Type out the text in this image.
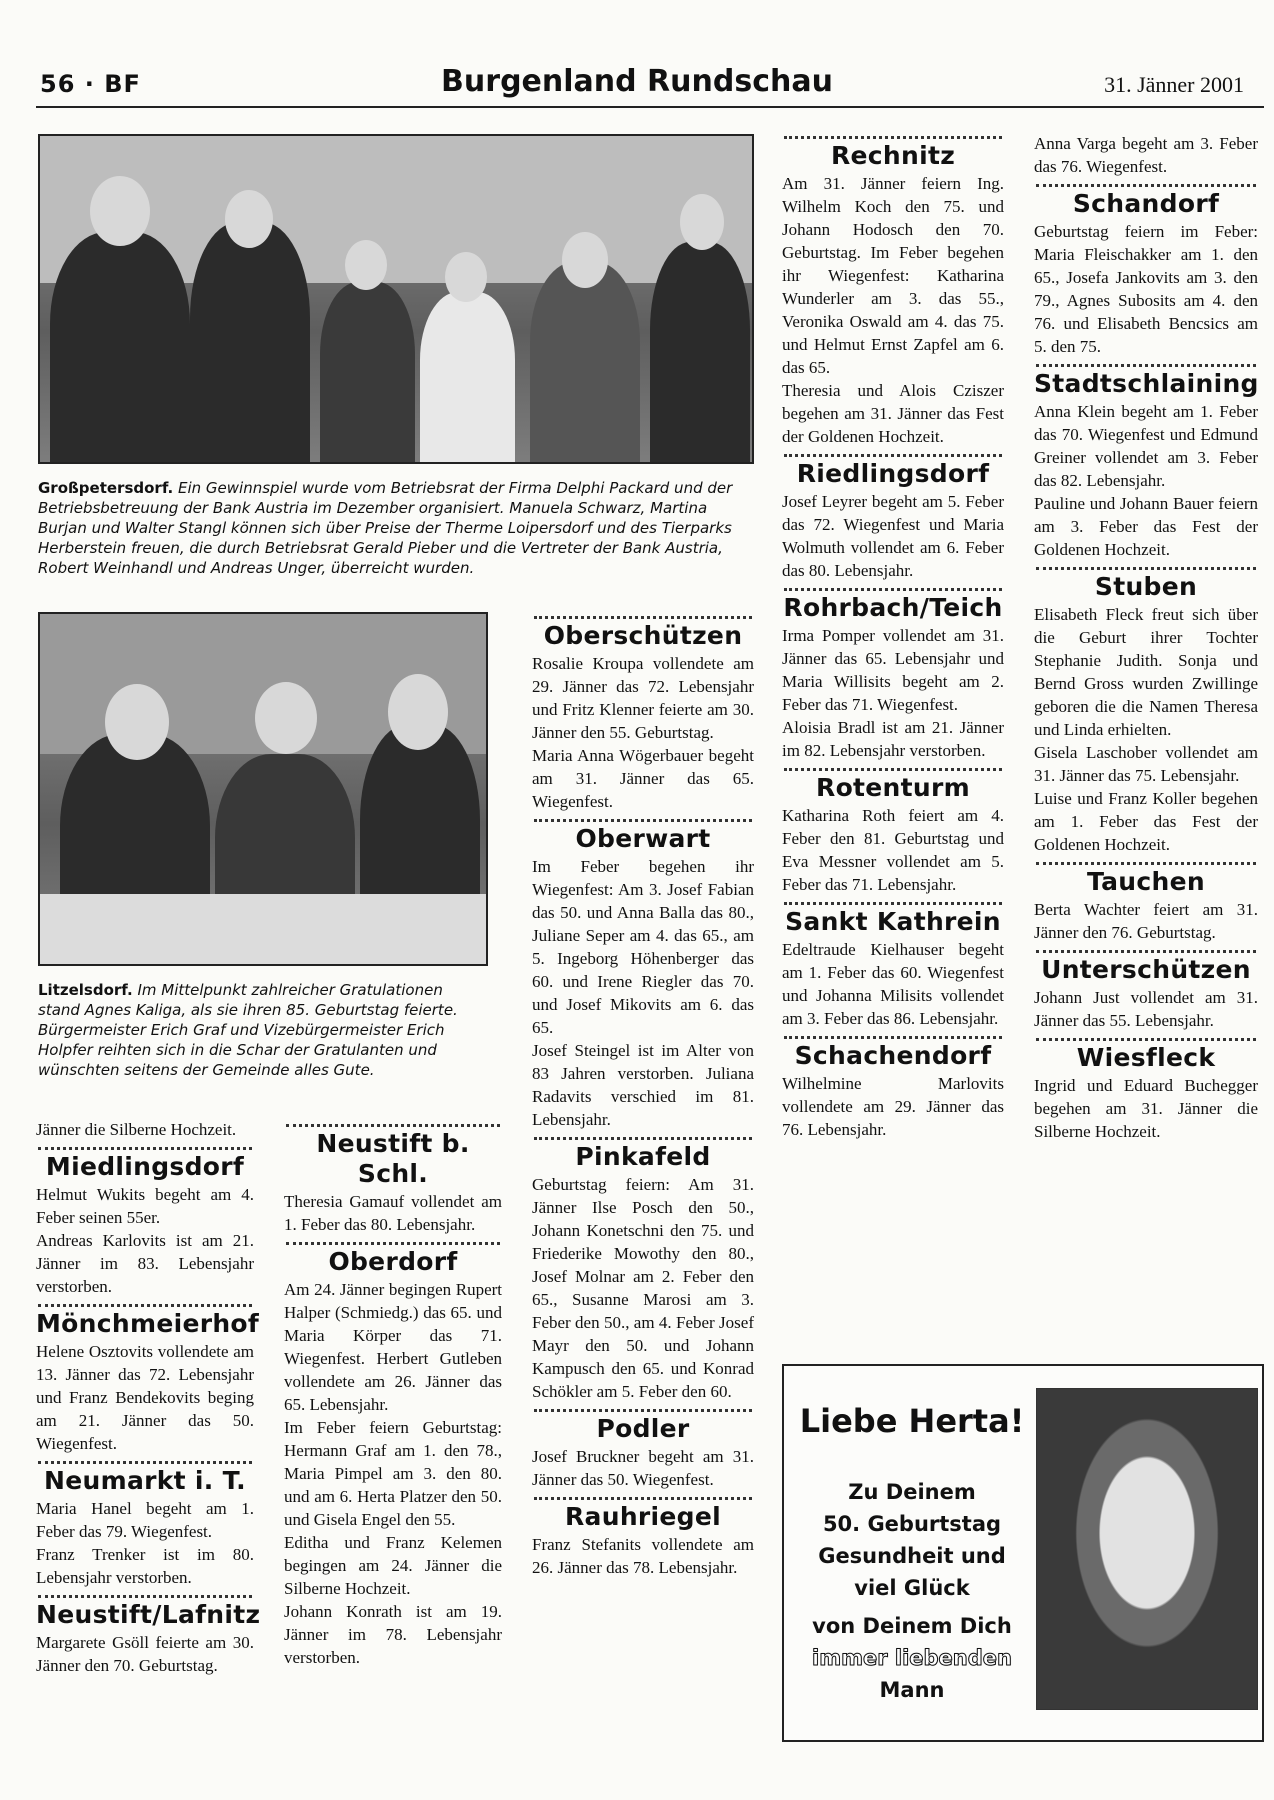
56 · BF	Burgenland Rundschau	31. Jänner 2001
Großpetersdorf. Ein Gewinnspiel wurde vom Betriebsrat der Firma Delphi Packard und der Betriebsbetreuung der Bank Austria im Dezember organisiert. Manuela Schwarz, Martina Burjan und Walter Stangl können sich über Preise der Therme Loipersdorf und des Tierparks Herberstein freuen, die durch Betriebsrat Gerald Pieber und die Vertreter der Bank Austria, Robert Weinhandl und Andreas Unger, überreicht wurden.
Litzelsdorf. Im Mittelpunkt zahlreicher Gratulationen stand Agnes Kaliga, als sie ihren 85. Geburtstag feierte. Bürgermeister Erich Graf und Vizebürgermeister Erich Holpfer reihten sich in die Schar der Gratulanten und wünschten seitens der Gemeinde alles Gute.

Jänner die Silberne Hochzeit.

Miedlingsdorf

Helmut Wukits begeht am 4. Feber seinen 55er.

Andreas Karlovits ist am 21. Jänner im 83. Lebensjahr verstorben.

Mönchmeierhof

Helene Osztovits vollendete am 13. Jänner das 72. Lebensjahr und Franz Bendekovits beging am 21. Jänner das 50. Wiegenfest.

Neumarkt i. T.

Maria Hanel begeht am 1. Feber das 79. Wiegenfest.

Franz Trenker ist im 80. Lebensjahr verstorben.

Neustift/Lafnitz

Margarete Gsöll feierte am 30. Jänner den 70. Geburtstag.

Neustift b. Schl.

Theresia Gamauf vollendet am 1. Feber das 80. Lebensjahr.

Oberdorf

Am 24. Jänner begingen Rupert Halper (Schmiedg.) das 65. und Maria Körper das 71. Wiegenfest. Herbert Gutleben vollendete am 26. Jänner das 65. Lebensjahr.

Im Feber feiern Geburtstag: Hermann Graf am 1. den 78., Maria Pimpel am 3. den 80. und am 6. Herta Platzer den 50. und Gisela Engel den 55.

Editha und Franz Kelemen begingen am 24. Jänner die Silberne Hochzeit.

Johann Konrath ist am 19. Jänner im 78. Lebensjahr verstorben.

Oberschützen

Rosalie Kroupa vollendete am 29. Jänner das 72. Lebensjahr und Fritz Klenner feierte am 30. Jänner den 55. Geburtstag.

Maria Anna Wögerbauer begeht am 31. Jänner das 65. Wiegenfest.

Oberwart

Im Feber begehen ihr Wiegenfest: Am 3. Josef Fabian das 50. und Anna Balla das 80., Juliane Seper am 4. das 65., am 5. Ingeborg Höhenberger das 60. und Irene Riegler das 70. und Josef Mikovits am 6. das 65.

Josef Steingel ist im Alter von 83 Jahren verstorben. Juliana Radavits verschied im 81. Lebensjahr.

Pinkafeld

Geburtstag feiern: Am 31. Jänner Ilse Posch den 50., Johann Konetschni den 75. und Friederike Mowothy den 80., Josef Molnar am 2. Feber den 65., Susanne Marosi am 3. Feber den 50., am 4. Feber Josef Mayr den 50. und Johann Kampusch den 65. und Konrad Schökler am 5. Feber den 60.

Podler

Josef Bruckner begeht am 31. Jänner das 50. Wiegenfest.

Rauhriegel

Franz Stefanits vollendete am 26. Jänner das 78. Lebensjahr.

Rechnitz

Am 31. Jänner feiern Ing. Wilhelm Koch den 75. und Johann Hodosch den 70. Geburtstag. Im Feber begehen ihr Wiegenfest: Katharina Wunderler am 3. das 55., Veronika Oswald am 4. das 75. und Helmut Ernst Zapfel am 6. das 65.

Theresia und Alois Cziszer begehen am 31. Jänner das Fest der Goldenen Hochzeit.

Riedlingsdorf

Josef Leyrer begeht am 5. Feber das 72. Wiegenfest und Maria Wolmuth vollendet am 6. Feber das 80. Lebensjahr.

Rohrbach/Teich

Irma Pomper vollendet am 31. Jänner das 65. Lebensjahr und Maria Willisits begeht am 2. Feber das 71. Wiegenfest.

Aloisia Bradl ist am 21. Jänner im 82. Lebensjahr verstorben.

Rotenturm

Katharina Roth feiert am 4. Feber den 81. Geburtstag und Eva Messner vollendet am 5. Feber das 71. Lebensjahr.

Sankt Kathrein

Edeltraude Kielhauser begeht am 1. Feber das 60. Wiegenfest und Johanna Milisits vollendet am 3. Feber das 86. Lebensjahr.

Schachendorf

Wilhelmine Marlovits vollendete am 29. Jänner das 76. Lebensjahr.

Anna Varga begeht am 3. Feber das 76. Wiegenfest.

Schandorf

Geburtstag feiern im Feber: Maria Fleischakker am 1. den 65., Josefa Jankovits am 3. den 79., Agnes Subosits am 4. den 76. und Elisabeth Bencsics am 5. den 75.

Stadtschlaining

Anna Klein begeht am 1. Feber das 70. Wiegenfest und Edmund Greiner vollendet am 3. Feber das 82. Lebensjahr.

Pauline und Johann Bauer feiern am 3. Feber das Fest der Goldenen Hochzeit.

Stuben

Elisabeth Fleck freut sich über die Geburt ihrer Tochter Stephanie Judith. Sonja und Bernd Gross wurden Zwillinge geboren die die Namen Theresa und Linda erhielten.

Gisela Laschober vollendet am 31. Jänner das 75. Lebensjahr.

Luise und Franz Koller begehen am 1. Feber das Fest der Goldenen Hochzeit.

Tauchen

Berta Wachter feiert am 31. Jänner den 76. Geburtstag.

Unterschützen

Johann Just vollendet am 31. Jänner das 55. Lebensjahr.

Wiesfleck

Ingrid und Eduard Buchegger begehen am 31. Jänner die Silberne Hochzeit.

Liebe Herta!
Zu Deinem
50. Geburtstag
Gesundheit und
viel Glück
von Deinem Dich
immer liebenden
Mann
